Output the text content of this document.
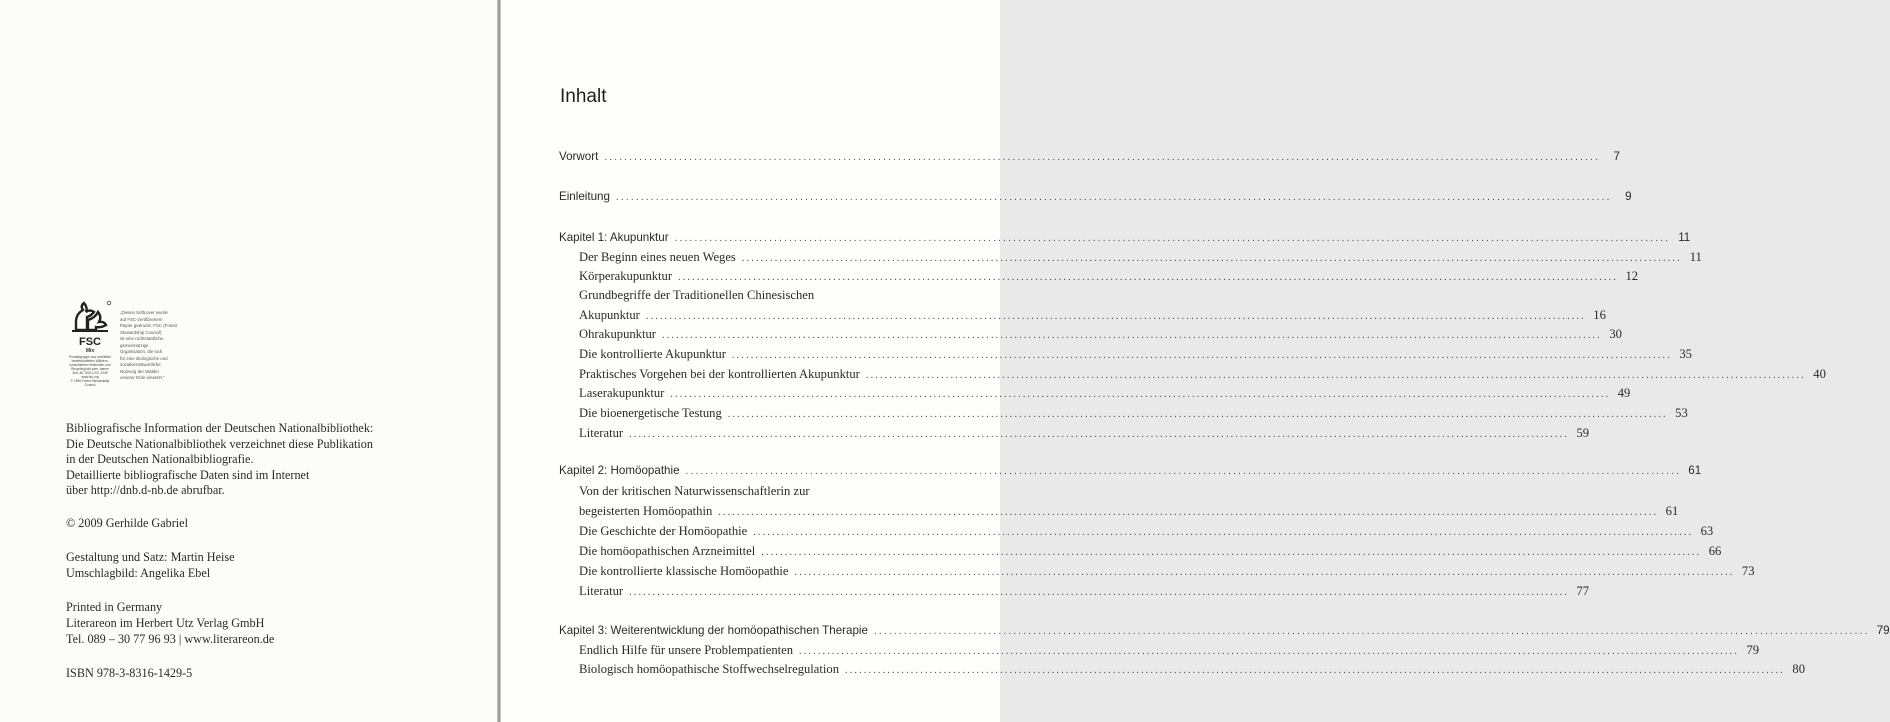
FSC
Mix
Produktgruppe aus vorbildlich
bewirtschafteten Wäldern,
kontrollierten Herkünften und
Recyclingholz oder -fasern
Zert.-Nr. SGS-COC-1039
www.fsc.org
© 1996 Forest Stewardship Council
„Dieses Softcover wurde
auf FSC-zertifiziertem
Papier gedruckt. FSC (Forest
Stewardship Council)
ist eine nichtstaatliche,
gemeinnützige
Organisation, die sich
für eine ökologische und
sozialverantwortliche
Nutzung der Wälder
unserer Erde einsetzt.“
Bibliografische Information der Deutschen Nationalbibliothek:
Die Deutsche Nationalbibliothek verzeichnet diese Publikation
in der Deutschen Nationalbibliografie.
Detaillierte bibliografische Daten sind im Internet
über http://dnb.d-nb.de abrufbar.
© 2009 Gerhilde Gabriel
Gestaltung und Satz: Martin Heise
Umschlagbild: Angelika Ebel
Printed in Germany
Literareon im Herbert Utz Verlag GmbH
Tel. 089 – 30 77 96 93 | www.literareon.de
ISBN 978-3-8316-1429-5
Inhalt
Vorwort ........................................................................................................................................................................................................	7
Einleitung ........................................................................................................................................................................................................	9
Kapitel 1: Akupunktur ........................................................................................................................................................................................................ 11
Der Beginn eines neuen Weges ........................................................................................................................................................................................................ 11
Körperakupunktur ........................................................................................................................................................................................................ 12
Grundbegriffe der Traditionellen Chinesischen
Akupunktur ........................................................................................................................................................................................................ 16
Ohrakupunktur ........................................................................................................................................................................................................ 30
Die kontrollierte Akupunktur ........................................................................................................................................................................................................ 35
Praktisches Vorgehen bei der kontrollierten Akupunktur ........................................................................................................................................................................................................ 40
Laserakupunktur ........................................................................................................................................................................................................ 49
Die bioenergetische Testung ........................................................................................................................................................................................................ 53
Literatur ........................................................................................................................................................................................................ 59
Kapitel 2: Homöopathie ........................................................................................................................................................................................................ 61
Von der kritischen Naturwissenschaftlerin zur
begeisterten Homöopathin ........................................................................................................................................................................................................ 61
Die Geschichte der Homöopathie ........................................................................................................................................................................................................ 63
Die homöopathischen Arzneimittel ........................................................................................................................................................................................................ 66
Die kontrollierte klassische Homöopathie ........................................................................................................................................................................................................ 73
Literatur ........................................................................................................................................................................................................ 77
Kapitel 3: Weiterentwicklung der homöopathischen Therapie ........................................................................................................................................................................................................ 79
Endlich Hilfe für unsere Problempatienten ........................................................................................................................................................................................................ 79
Biologisch homöopathische Stoffwechselregulation ........................................................................................................................................................................................................ 80
